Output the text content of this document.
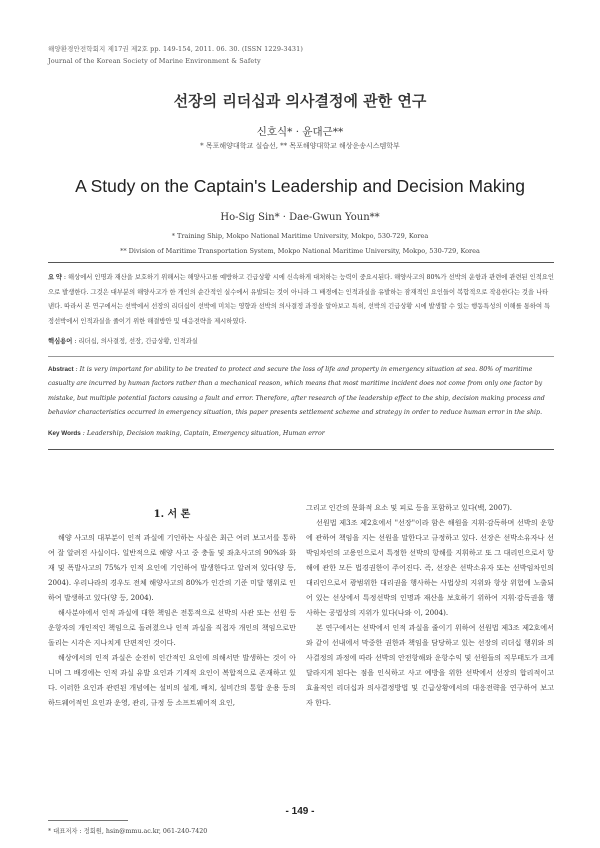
해양환경안전학회지 제17권 제2호 pp. 149-154, 2011. 06. 30. (ISSN 1229-3431)
Journal of the Korean Society of Marine Environment & Safety
선장의 리더십과 의사결정에 관한 연구
신호식* · 윤대근**
* 목포해양대학교 실습선, ** 목포해양대학교 해상운송시스템학부
A Study on the Captain's Leadership and Decision Making
Ho-Sig Sin* · Dae-Gwun Youn**
* Training Ship, Mokpo National Maritime University, Mokpo, 530-729, Korea
** Division of Maritime Transportation System, Mokpo National Maritime University, Mokpo, 530-729, Korea
요 약 : 해상에서 인명과 재산을 보호하기 위해서는 해양사고를 예방하고 긴급상황 시에 신속하게 대처하는 능력이 중요시된다. 해양사고의 80%가 선박의 운항과 관련에 관련된 인적요인으로 발생한다. 그것은 대부분의 해양사고가 한 개인의 순간적인 실수에서 유발되는 것이 아니라 그 배경에는 인적과실을 유발하는 잠재적인 요인들이 복합적으로 작용한다는 것을 나타낸다. 따라서 본 연구에서는 선박에서 선장의 리더십이 선박에 미치는 영향과 선박의 의사결정 과정을 알아보고 특히, 선박의 긴급상황 시에 발생할 수 있는 행동특성의 이해를 통하여 특정선박에서 인적과실을 줄이기 위한 해결방안 및 대응전략을 제시하였다.
핵심용어 : 리더십, 의사결정, 선장, 긴급상황, 인적과실
Abstract : It is very important for ability to be treated to protect and secure the loss of life and property in emergency situation at sea. 80% of maritime casualty are incurred by human factors rather than a mechanical reason, which means that most maritime incident does not come from only one factor by mistake, but multiple potential factors causing a fault and error. Therefore, after research of the leadership effect to the ship, decision making process and behavior characteristics occurred in emergency situation, this paper presents settlement scheme and strategy in order to reduce human error in the ship.
Key Words : Leadership, Decision making, Captain, Emergency situation, Human error
1. 서 론

해양 사고의 대부분이 인적 과실에 기인하는 사실은 최근 여러 보고서를 통하여 잘 알려진 사실이다. 일반적으로 해양 사고 중 충돌 및 좌초사고의 90%와 화재 및 폭발사고의 75%가 인적 요인에 기인하여 발생한다고 알려져 있다(양 등, 2004). 우리나라의 경우도 전체 해양사고의 80%가 인간의 기준 미달 행위로 인하여 발생하고 있다(양 등, 2004).

해사분야에서 인적 과실에 대한 책임은 전통적으로 선박의 사관 또는 선원 등 운항자의 개인적인 책임으로 돌려졌으나 인적 과실을 직접자 개인의 책임으로만 돌리는 시각은 지나치게 단편적인 것이다.

해상에서의 인적 과실은 순전히 인간적인 요인에 의해서만 발생하는 것이 아니며 그 배경에는 인적 과실 유발 요인과 기계적 요인이 복합적으로 존재하고 있다. 이러한 요인과 관련된 개념에는 설비의 설계, 배치, 설비간의 통합 운용 등의 하드웨어적인 요인과 운영, 관리, 규정 등 소프트웨어적 요인,

그리고 인간의 문화적 요소 및 피로 등을 포함하고 있다(백, 2007).

선원법 제3조 제2호에서 "선장"이라 함은 해원을 지휘·감독하며 선박의 운항에 관하여 책임을 지는 선원을 말한다고 규정하고 있다. 선장은 선박소유자나 선박임차인의 고용인으로서 특정한 선박의 항해를 지휘하고 또 그 대리인으로서 항해에 관한 모든 법경권한이 주어진다. 즉, 선장은 선박소유자 또는 선박임차인의 대리인으로서 광범위한 대리권을 행사하는 사법상의 지위와 항상 위험에 노출되어 있는 선상에서 특정선박의 인명과 재산을 보호하기 위하여 지휘·감독권을 행사하는 공법상의 지위가 있다(나와 이, 2004).

본 연구에서는 선박에서 인적 과실을 줄이기 위하여 선원법 제3조 제2호에서와 같이 선내에서 막중한 권한과 책임을 담당하고 있는 선장의 리더십 행위와 의사결정의 과정에 따라 선박의 안전항해와 운항수익 및 선원들의 직무태도가 크게 달라지게 된다는 점을 인식하고 사고 예방을 위한 선박에서 선장의 합리적이고 효율적인 리더십과 의사결정방법 및 긴급상황에서의 대응전략을 연구하여 보고자 한다.

- 149 -
* 대표저자 : 정회원, hsin@mmu.ac.kr, 061-240-7420
